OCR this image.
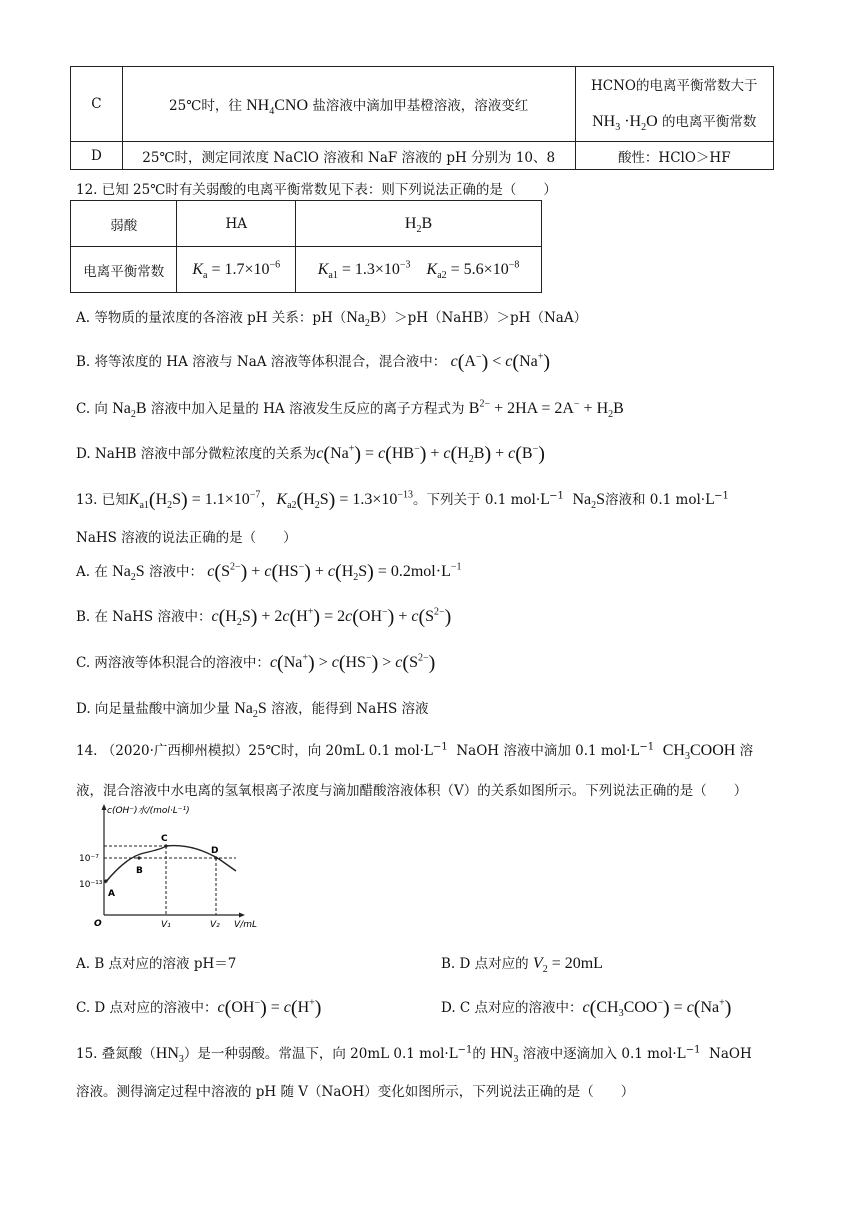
C	25℃时，往 $NH_4CNO$ 盐溶液中滴加甲基橙溶液，溶液变红	HCNO的电离平衡常数大于
$NH_3 \cdot H_2O$ 的电离平衡常数

D	25℃时，测定同浓度 NaClO 溶液和 NaF 溶液的 pH 分别为 10、8	酸性：HClO＞HF
12. 已知 25℃时有关弱酸的电离平衡常数见下表：则下列说法正确的是（　　）
弱酸	HA	$H_2B$
电离平衡常数	$K_a = 1.7\times 10^{-6}$	$K_{a1} = 1.3\times 10^{-3}$ $K_{a2} = 5.6\times 10^{-8}$
A. 等物质的量浓度的各溶液 pH 关系：$pH(Na_2B)>pH(NaHB)>pH(NaA)$
B. 将等浓度的 HA 溶液与 NaA 溶液等体积混合，混合液中： c(A−) < c(Na+)
C. 向 $Na_2B$ 溶液中加入足量的 HA 溶液发生反应的离子方程式为 $B^{2-} + 2HA = 2A^- + H_2B$
D. NaHB 溶液中部分微粒浓度的关系为$c(Na^+) = c(HB^-) + c(H_2B) + c(B^-)$
13. 已知$K_{a1}(H_2S) = 1.1\times 10^{-7}$，$K_{a2}(H_2S) = 1.3\times 10^{-13}$。下列关于 0.1 $mol\cdot L^{-1}$ $Na_2S$溶液和 0.1 $mol\cdot L^{-1}$
NaHS 溶液的说法正确的是（　　）
A. 在 $Na_2S$ 溶液中： $c(S^{2-}) + c(HS^-) + c(H_2S) = 0.2mol\cdot L^{-1}$
B. 在 NaHS 溶液中：$c(H_2S) + 2c(H^+) = 2c(OH^-) + c(S^{2-})$
C. 两溶液等体积混合的溶液中：$c(Na^+) > c(HS^-) > c(S^{2-})$
D. 向足量盐酸中滴加少量 $Na_2S$ 溶液，能得到 NaHS 溶液
14. （2020·广西柳州模拟）25℃时，向 20mL 0.1 $mol\cdot L^{-1}$ NaOH 溶液中滴加 0.1 $mol\cdot L^{-1}$ $CH_3COOH$ 溶
液，混合溶液中水电离的氢氧根离子浓度与滴加醋酸溶液体积（V）的关系如图所示。下列说法正确的是（　　）
c(OH⁻)水/(mol·L⁻¹)
10⁻⁷
10⁻¹³
A
B
C
D
O	V₁	V₂ V/mL
A. B 点对应的溶液 pH＝7	B. D 点对应的 $V_2 = 20mL$
C. D 点对应的溶液中：c(OH−) = c(H+)	D. C 点对应的溶液中：$c(CH_3COO^-) = c(Na^+)$
15. 叠氮酸$(HN_3)$是一种弱酸。常温下，向 20mL 0.1 $mol\cdot L^{-1}$的 $HN_3$ 溶液中逐滴加入 0.1 $mol\cdot L^{-1}$ NaOH
溶液。测得滴定过程中溶液的 pH 随 V（NaOH）变化如图所示，下列说法正确的是（　　）
